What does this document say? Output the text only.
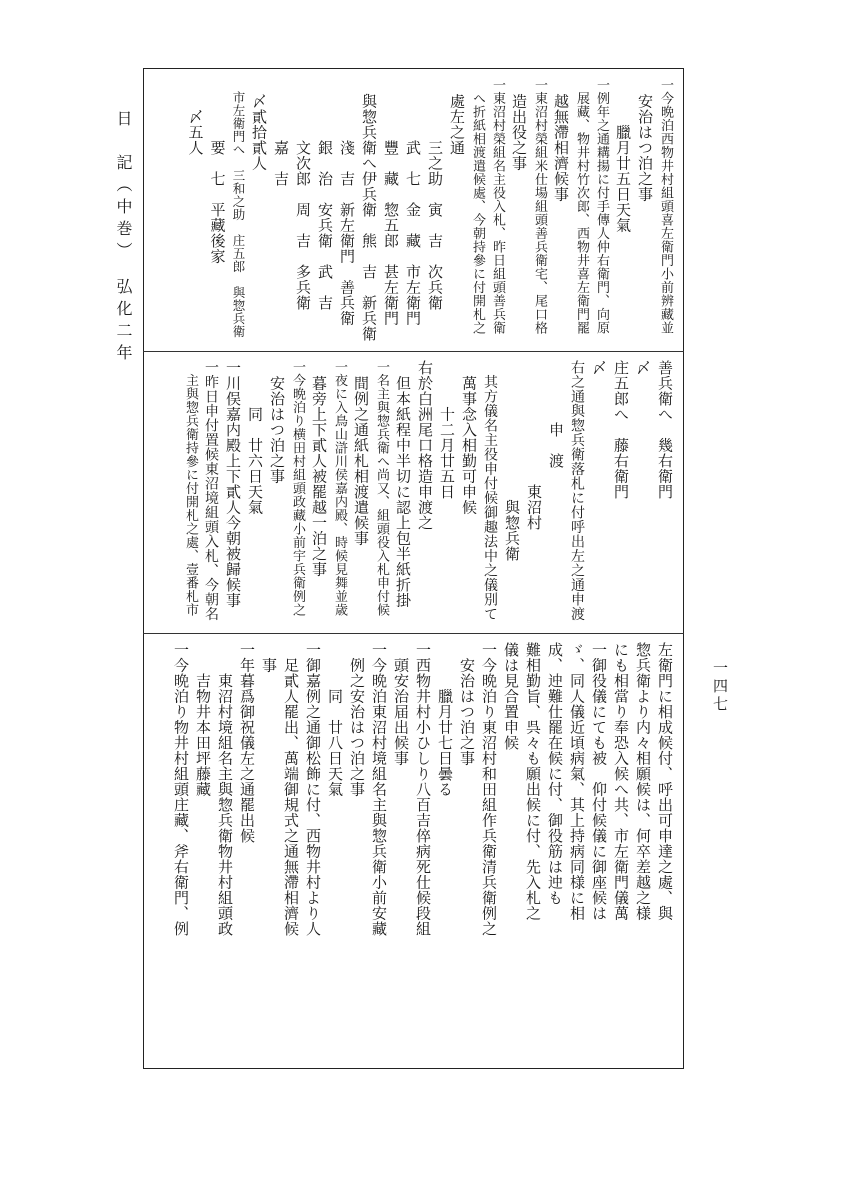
日　記（中巻）　弘化二年
一四七
一今晩泊西物井村組頭喜左衛門小前辨藏並
　安治はつ泊之事
　　　臘月廿五日天氣
一例年之通耩揚に付手傳人仲右衛門、向原
　展藏、物井村竹次郎、西物井喜左衛門罷
　越無滯相濟候事
一東沼村榮組米仕場組頭善兵衛宅、尾口格
　造出役之事
一東沼村榮組名主役入札、昨日組頭善兵衛
　へ折紙相渡遣候處、今朝持參に付開札之
　處左之通
　　　　三之助　寅　吉　次兵衛
　　　　武　七　金　藏　市左衛門
　　　　豐　藏　惣五郎　甚左衛門
　與惣兵衛へ伊兵衛　熊　吉　新兵衛
　　　　淺　吉　新左衛門　善兵衛
　　　　銀　治　安兵衛　武　吉
　　　　文次郎　周　吉　多兵衛
　　　　嘉　吉
　〆貳拾貳人
　市左衛門へ　三和之助　庄五郎　與惣兵衛
　　　　要　七　平藏後家
　　〆五人
善兵衛へ　幾右衛門
〆
庄五郎へ　藤右衛門
〆
右之通與惣兵衛落札に付呼出左之通申渡
　　　　申　渡
　　　　　　　　東沼村
　　　　　　　　　與惣兵衛
　其方儀名主役申付候御趣法中之儀別て
　萬事念入相勤可申候
　　　十二月廿五日
右於白洲尾口格造申渡之
　但本紙程中半切に認上包半紙折掛
一名主與惣兵衛へ尚又、組頭役入札申付候
　間例之通紙札相渡遣候事
一夜に入鳥山滸川侯嘉内殿、時候見舞並歳
　暮旁上下貳人被罷越一泊之事
一今晩泊り横田村組頭政藏小前宇兵衛例之
　安治はつ泊之事
　　　同　廿六日天氣
一川俣嘉内殿上下貳人今朝被歸候事
一昨日申付置候東沼境組頭入札、今朝名
　主與惣兵衛持參に付開札之處、壹番札市
左衛門に相成候付、呼出可申達之處、與
惣兵衛より内々相願候は、何卒差越之様
にも相當り奉恐入候へ共、市左衛門儀萬
一御役儀にても被　仰付候儀に御座候は
ゞ、同人儀近頃病氣、其上持病同様に相
成、迚難仕罷在候に付、御役筋は迚も
難相勤旨、呉々も願出候に付、先入札之
儀は見合置申候
一今晩泊り東沼村和田組作兵衛清兵衛例之
　安治はつ泊之事
　　　臘月廿七日曇る
一西物井村小ひしり八百吉倅病死仕候段組
　頭安治届出候事
一今晩泊東沼村境組名主與惣兵衛小前安藏
　例之安治はつ泊之事
　　　同　廿八日天氣
一御嘉例之通御松飾に付、西物井村より人
　足貳人罷出、萬端御規式之通無滯相濟候
　事
一年暮爲御祝儀左之通罷出候
　　東沼村境組名主與惣兵衛物井村組頭政
　　吉物井本田坪藤藏
一今晩泊り物井村組頭庄藏、斧右衛門、例
